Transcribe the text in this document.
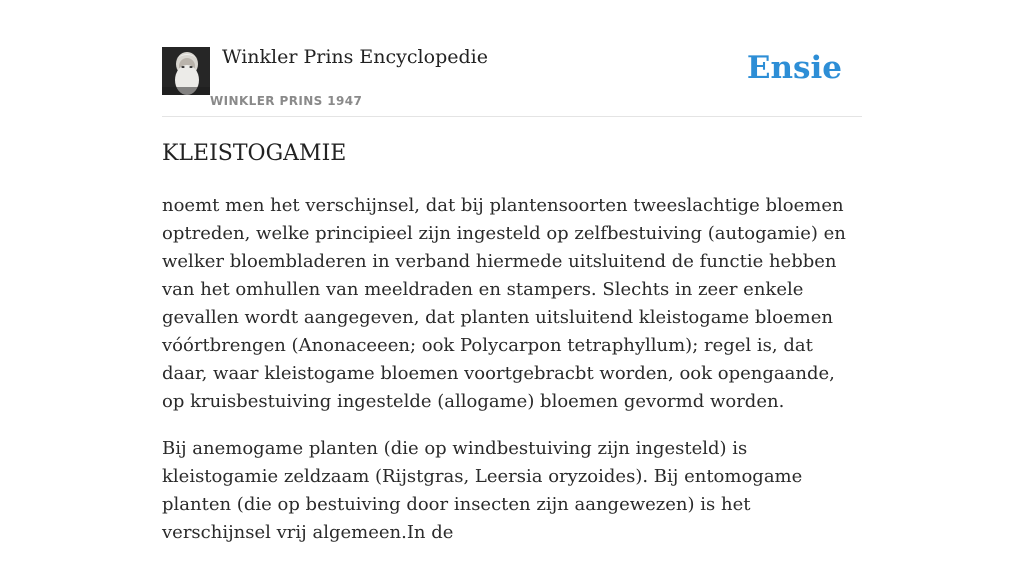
Winkler Prins Encyclopedie
WINKLER PRINS 1947
Ensie
KLEISTOGAMIE

noemt men het verschijnsel, dat bij plantensoorten tweeslachtige bloemen optreden, welke principieel zijn ingesteld op zelfbestuiving (autogamie) en welker bloembladeren in verband hiermede uitsluitend de functie hebben van het omhullen van meeldraden en stampers. Slechts in zeer enkele gevallen wordt aangegeven, dat planten uitsluitend kleistogame bloemen vóórtbrengen (Anonaceeen; ook Polycarpon tetraphyllum); regel is, dat daar, waar kleistogame bloemen voortgebracbt worden, ook opengaande, op kruisbestuiving ingestelde (allogame) bloemen gevormd worden.

Bij anemogame planten (die op windbestuiving zijn ingesteld) is kleistogamie zeldzaam (Rijstgras, Leersia oryzoides). Bij entomogame planten (die op bestuiving door insecten zijn aangewezen) is het verschijnsel vrij algemeen.In de
